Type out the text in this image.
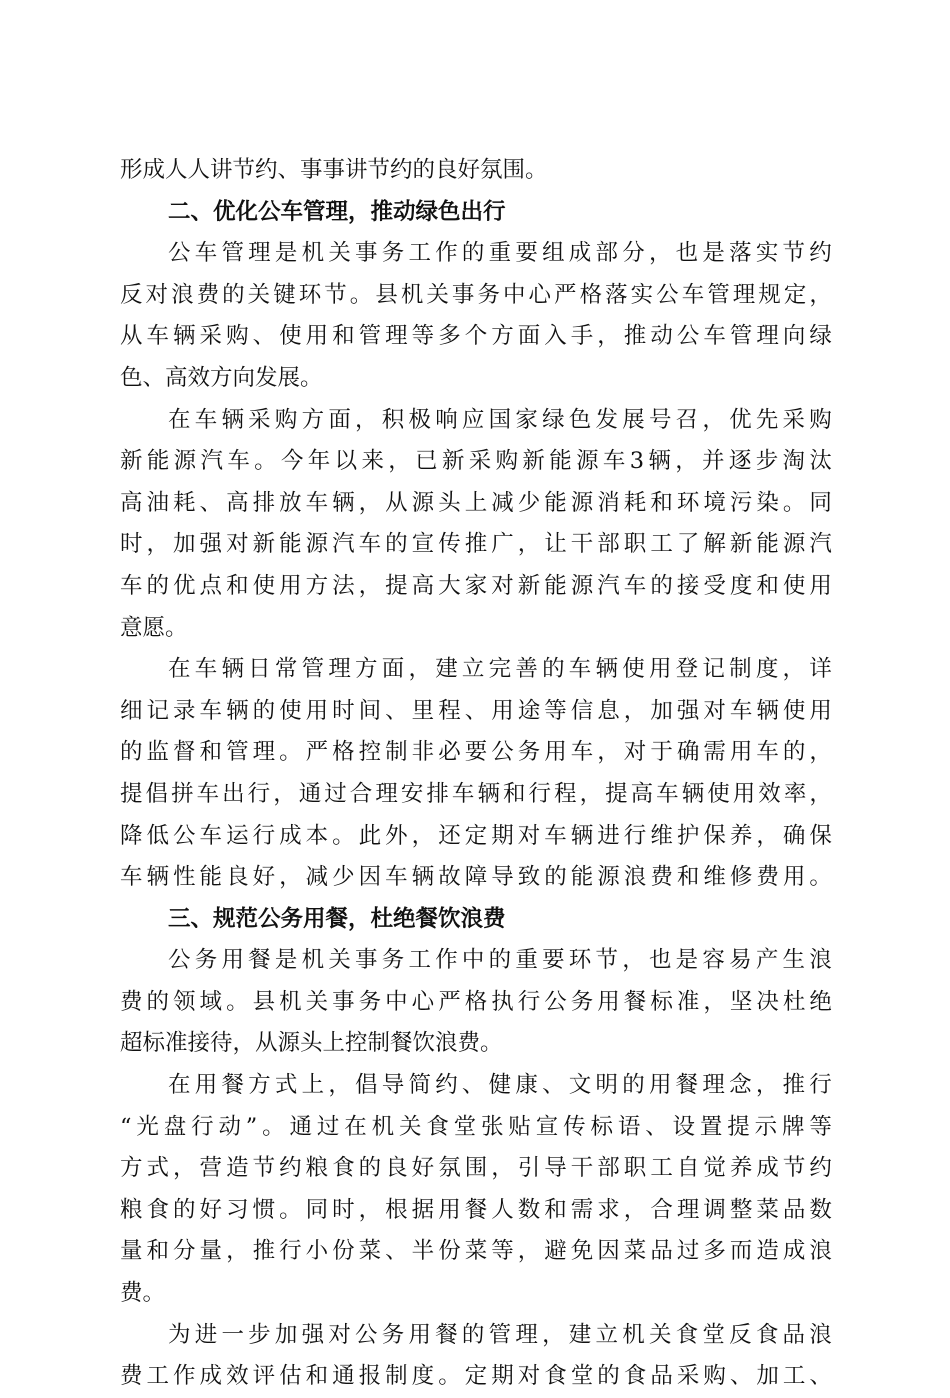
形成人人讲节约、事事讲节约的良好氛围。
二、优化公车管理，推动绿色出行
公 车 管 理 是 机 关 事 务 工 作 的 重 要 组 成 部 分 ， 也 是 落 实 节 约
反 对 浪 费 的 关 键 环 节 。 县 机 关 事 务 中 心 严 格 落 实 公 车 管 理 规 定 ，
从 车 辆 采 购 、 使 用 和 管 理 等 多 个 方 面 入 手 ， 推 动 公 车 管 理 向 绿
色、高效方向发展。
在 车 辆 采 购 方 面 ， 积 极 响 应 国 家 绿 色 发 展 号 召 ， 优 先 采 购
新 能 源 汽 车 。 今 年 以 来 ， 已 新 采 购 新 能 源 车 3 辆 ， 并 逐 步 淘 汰
高 油 耗 、 高 排 放 车 辆 ， 从 源 头 上 减 少 能 源 消 耗 和 环 境 污 染 。 同
时 ， 加 强 对 新 能 源 汽 车 的 宣 传 推 广 ， 让 干 部 职 工 了 解 新 能 源 汽
车 的 优 点 和 使 用 方 法 ， 提 高 大 家 对 新 能 源 汽 车 的 接 受 度 和 使 用
意愿。
在 车 辆 日 常 管 理 方 面 ， 建 立 完 善 的 车 辆 使 用 登 记 制 度 ， 详
细 记 录 车 辆 的 使 用 时 间 、 里 程 、 用 途 等 信 息 ， 加 强 对 车 辆 使 用
的 监 督 和 管 理 。 严 格 控 制 非 必 要 公 务 用 车 ， 对 于 确 需 用 车 的 ，
提 倡 拼 车 出 行 ， 通 过 合 理 安 排 车 辆 和 行 程 ， 提 高 车 辆 使 用 效 率 ，
降 低 公 车 运 行 成 本 。 此 外 ， 还 定 期 对 车 辆 进 行 维 护 保 养 ， 确 保
车 辆 性 能 良 好 ， 减 少 因 车 辆 故 障 导 致 的 能 源 浪 费 和 维 修 费 用 。
三、规范公务用餐，杜绝餐饮浪费
公 务 用 餐 是 机 关 事 务 工 作 中 的 重 要 环 节 ， 也 是 容 易 产 生 浪
费 的 领 域 。 县 机 关 事 务 中 心 严 格 执 行 公 务 用 餐 标 准 ， 坚 决 杜 绝
超标准接待，从源头上控制餐饮浪费。
在 用 餐 方 式 上 ， 倡 导 简 约 、 健 康 、 文 明 的 用 餐 理 念 ， 推 行
“ 光 盘 行 动 ” 。 通 过 在 机 关 食 堂 张 贴 宣 传 标 语 、 设 置 提 示 牌 等
方 式 ， 营 造 节 约 粮 食 的 良 好 氛 围 ， 引 导 干 部 职 工 自 觉 养 成 节 约
粮 食 的 好 习 惯 。 同 时 ， 根 据 用 餐 人 数 和 需 求 ， 合 理 调 整 菜 品 数
量 和 分 量 ， 推 行 小 份 菜 、 半 份 菜 等 ， 避 免 因 菜 品 过 多 而 造 成 浪
费。
为 进 一 步 加 强 对 公 务 用 餐 的 管 理 ， 建 立 机 关 食 堂 反 食 品 浪
费 工 作 成 效 评 估 和 通 报 制 度 。 定 期 对 食 堂 的 食 品 采 购 、 加 工 、
